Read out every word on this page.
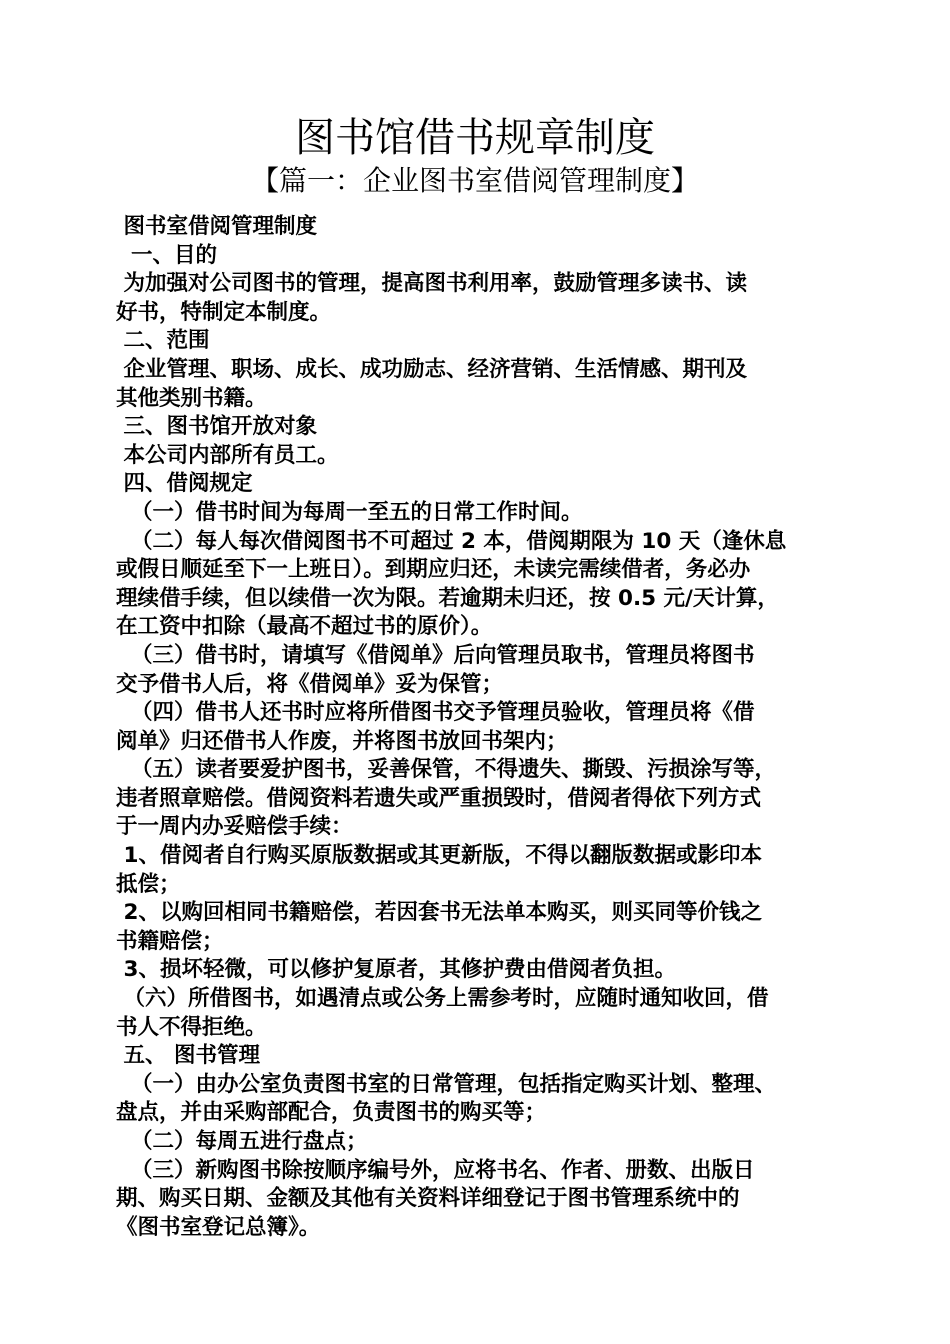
图书馆借书规章制度
【篇一：企业图书室借阅管理制度】
图书室借阅管理制度
一、目的
为加强对公司图书的管理，提高图书利用率，鼓励管理多读书、读
好书，特制定本制度。
二、范围
企业管理、职场、成长、成功励志、经济营销、生活情感、期刊及
其他类别书籍。
三、图书馆开放对象
本公司内部所有员工。
四、借阅规定
（一）借书时间为每周一至五的日常工作时间。
（二）每人每次借阅图书不可超过 2 本，借阅期限为 10 天（逢休息
或假日顺延至下一上班日）。到期应归还，未读完需续借者，务必办
理续借手续，但以续借一次为限。若逾期未归还，按 0.5 元/天计算，
在工资中扣除（最高不超过书的原价）。
（三）借书时，请填写《借阅单》后向管理员取书，管理员将图书
交予借书人后，将《借阅单》妥为保管；
（四）借书人还书时应将所借图书交予管理员验收，管理员将《借
阅单》归还借书人作废，并将图书放回书架内；
（五）读者要爱护图书，妥善保管，不得遗失、撕毁、污损涂写等，
违者照章赔偿。借阅资料若遗失或严重损毁时，借阅者得依下列方式
于一周内办妥赔偿手续：
1、借阅者自行购买原版数据或其更新版，不得以翻版数据或影印本
抵偿；
2、以购回相同书籍赔偿，若因套书无法单本购买，则买同等价钱之
书籍赔偿；
3、损坏轻微，可以修护复原者，其修护费由借阅者负担。
（六）所借图书，如遇清点或公务上需参考时，应随时通知收回，借
书人不得拒绝。
五、 图书管理
（一）由办公室负责图书室的日常管理，包括指定购买计划、整理、
盘点，并由采购部配合，负责图书的购买等；
（二）每周五进行盘点；
（三）新购图书除按顺序编号外，应将书名、作者、册数、出版日
期、购买日期、金额及其他有关资料详细登记于图书管理系统中的
《图书室登记总簿》。
